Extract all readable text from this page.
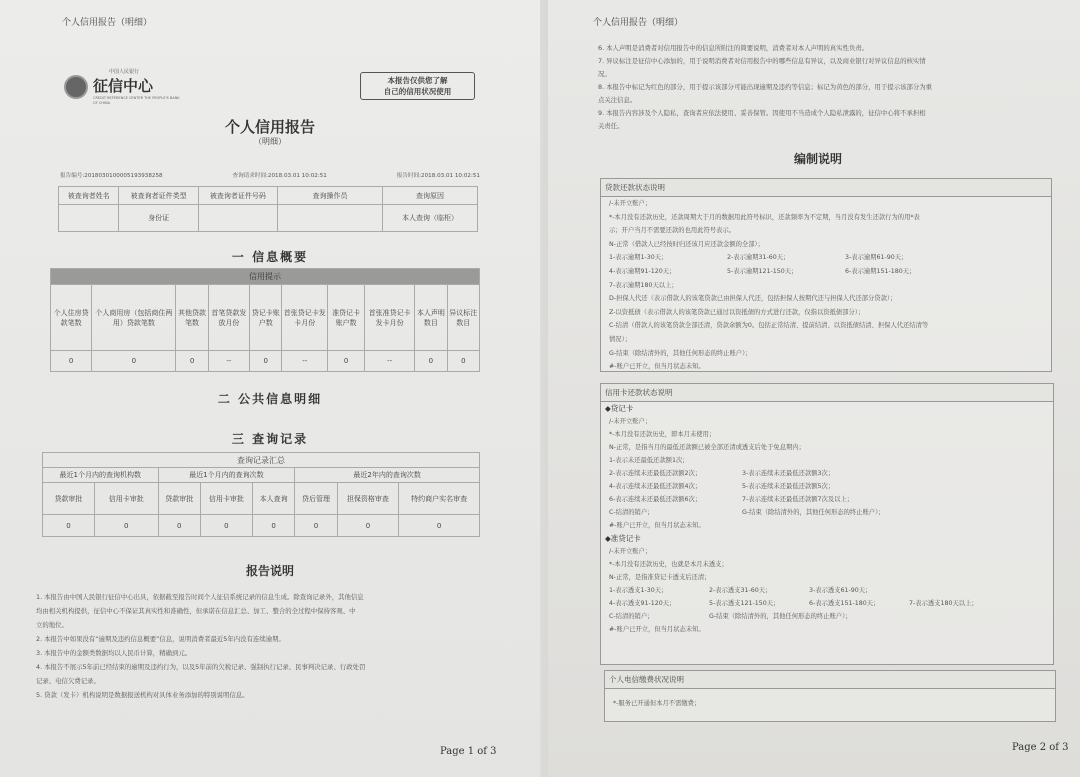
个人信用报告（明细）
中国人民银行
征信中心
CREDIT REFERENCE CENTER THE PEOPLE'S BANK OF CHINA
本报告仅供您了解
自己的信用状况使用
个人信用报告
（明细）
报告编号:2018030100005193938258	查询请求时间:2018.03.01 10:02:51	报告时间:2018.03.01 10:02:51
被查询者姓名	被查询者证件类型	被查询者证件号码	查询操作员	查询原因
	身份证			本人查询（临柜）
一 信息概要
信用提示									
个人住房贷款笔数	个人商用房（包括商住两用）贷款笔数	其他贷款笔数	首笔贷款发放月份	贷记卡账户数	首张贷记卡发卡月份	准贷记卡账户数	首张准贷记卡发卡月份	本人声明数目	异议标注数目
0	0	0	--	0	--	0	--	0	0
二 公共信息明细
三 查询记录
查询记录汇总							
最近1个月内的查询机构数		最近1个月内的查询次数			最近2年内的查询次数		
贷款审批	信用卡审批	贷款审批	信用卡审批	本人查询	贷后管理	担保资格审查	特约商户实名审查
0	0	0	0	0	0	0	0
报告说明
1. 本报告由中国人民银行征信中心出具，依据截至报告时间个人征信系统记录的信息生成。除查询记录外，其他信息
均由相关机构提供，征信中心不保证其真实性和准确性，但承诺在信息汇总、加工、整合的全过程中保持客观、中
立的地位。
2. 本报告中如果没有“逾期及违约信息概要”信息，说明消费者最近5年内没有连续逾期。
3. 本报告中的金额类数据均以人民币计算，精确到元。
4. 本报告不展示5年前已经结束的逾期及违约行为，以及5年前的欠税记录、强制执行记录、民事判决记录、行政处罚
记录、电信欠费记录。
5. 贷款（发卡）机构说明是数据报送机构对具体业务添加的特别说明信息。
Page 1 of 3
个人信用报告（明细）
6. 本人声明是消费者对信用报告中的信息所附注的简要说明，消费者对本人声明的真实性负责。
7. 异议标注是征信中心添加的，用于说明消费者对信用报告中的哪些信息有异议，以及商业银行对异议信息的核实情
况。
8. 本报告中标记为红色的部分，用于提示该部分可能出现逾期及违约等信息；标记为黄色的部分，用于提示该部分为重
点关注信息。
9. 本报告内容涉及个人隐私，查询者应依法使用、妥善保管。因使用不当造成个人隐私泄露的，征信中心将不承担相
关责任。
编制说明
贷款还款状态说明
/-未开立账户；
*-本月没有还款历史，还款周期大于月的数据用此符号标识，还款频率为不定期，当月没有发生还款行为的用*表
示；开户当月不需要还款的也用此符号表示。
N-正常（借款人已经按时归还该月应还款金额的全部）；
1-表示逾期1-30天；	2-表示逾期31-60天；	3-表示逾期61-90天；
4-表示逾期91-120天；	5-表示逾期121-150天；	6-表示逾期151-180天；
7-表示逾期180天以上；
D-担保人代还（表示借款人的该笔贷款已由担保人代还，包括担保人按期代还与担保人代还部分贷款）；
Z-以资抵债（表示借款人的该笔贷款已通过以资抵债的方式进行还款，仅指以资抵债部分）；
C-结清（借款人的该笔贷款全部还清，贷款余额为0。包括正常结清、提前结清、以资抵债结清、担保人代还结清等
情况）；
G-结束（除结清外的，其他任何形态的终止账户）；
#-账户已开立，但当月状态未知。
信用卡还款状态说明
◆贷记卡
/-未开立账户；
*-本月没有还款历史，即本月未使用；
N-正常，是指当月的最低还款额已被全部还清或透支后处于免息期内；
1-表示未还最低还款额1次；
2-表示连续未还最低还款额2次；	3-表示连续未还最低还款额3次；
4-表示连续未还最低还款额4次；	5-表示连续未还最低还款额5次；
6-表示连续未还最低还款额6次；	7-表示连续未还最低还款额7次及以上；
C-结清的销户；	G-结束（除结清外的，其他任何形态的终止账户）；
#-账户已开立，但当月状态未知。
◆准贷记卡
/-未开立账户；
*-本月没有还款历史，也就是本月未透支；
N-正常，是指准贷记卡透支后还清；
1-表示透支1-30天；	2-表示透支31-60天；	3-表示透支61-90天；
4-表示透支91-120天；	5-表示透支121-150天；	6-表示透支151-180天；	7-表示透支180天以上；
C-结清的销户；	G-结束（除结清外的，其他任何形态的终止账户）；
#-账户已开立，但当月状态未知。
个人电信缴费状况说明
*-服务已开通但本月不需缴费；
Page 2 of 3
